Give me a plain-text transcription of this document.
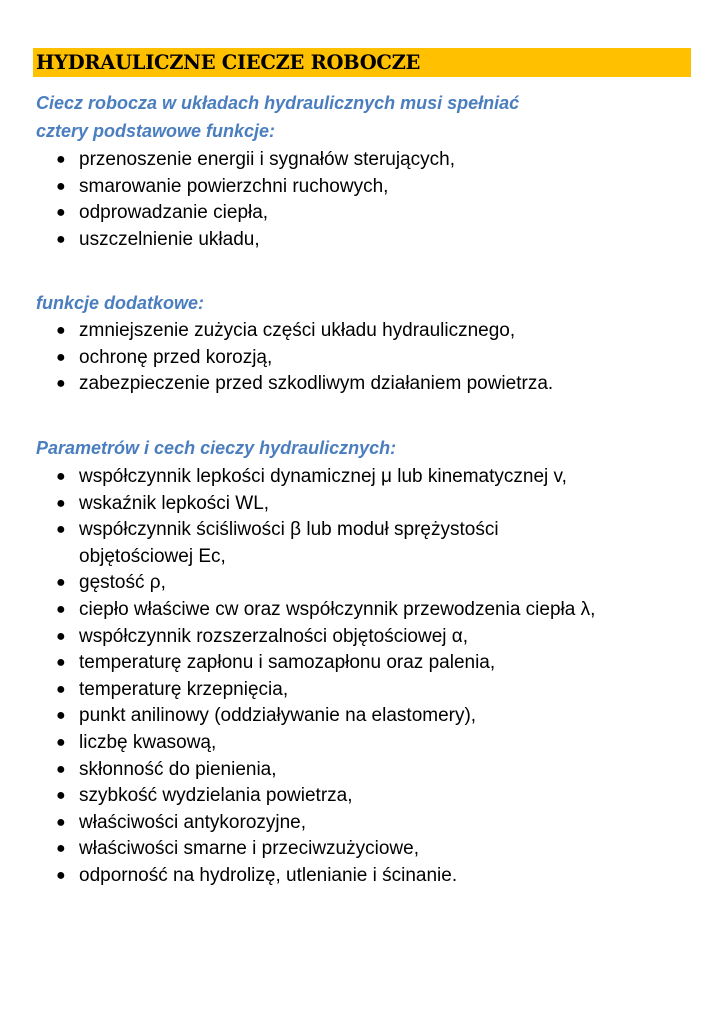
HYDRAULICZNE CIECZE ROBOCZE
Ciecz robocza w układach hydraulicznych musi spełniać
cztery podstawowe funkcje:
● przenoszenie energii i sygnałów sterujących,
● smarowanie powierzchni ruchowych,
● odprowadzanie ciepła,
● uszczelnienie układu,
funkcje dodatkowe:
● zmniejszenie zużycia części układu hydraulicznego,
● ochronę przed korozją,
● zabezpieczenie przed szkodliwym działaniem powietrza.
Parametrów i cech cieczy hydraulicznych:
● współczynnik lepkości dynamicznej μ lub kinematycznej v,
● wskaźnik lepkości WL,
● współczynnik ściśliwości β lub moduł sprężystości
objętościowej Ec,
● gęstość ρ,
● ciepło właściwe cw oraz współczynnik przewodzenia ciepła λ,
● współczynnik rozszerzalności objętościowej α,
● temperaturę zapłonu i samozapłonu oraz palenia,
● temperaturę krzepnięcia,
● punkt anilinowy (oddziaływanie na elastomery),
● liczbę kwasową,
● skłonność do pienienia,
● szybkość wydzielania powietrza,
● właściwości antykorozyjne,
● właściwości smarne i przeciwzużyciowe,
● odporność na hydrolizę, utlenianie i ścinanie.
